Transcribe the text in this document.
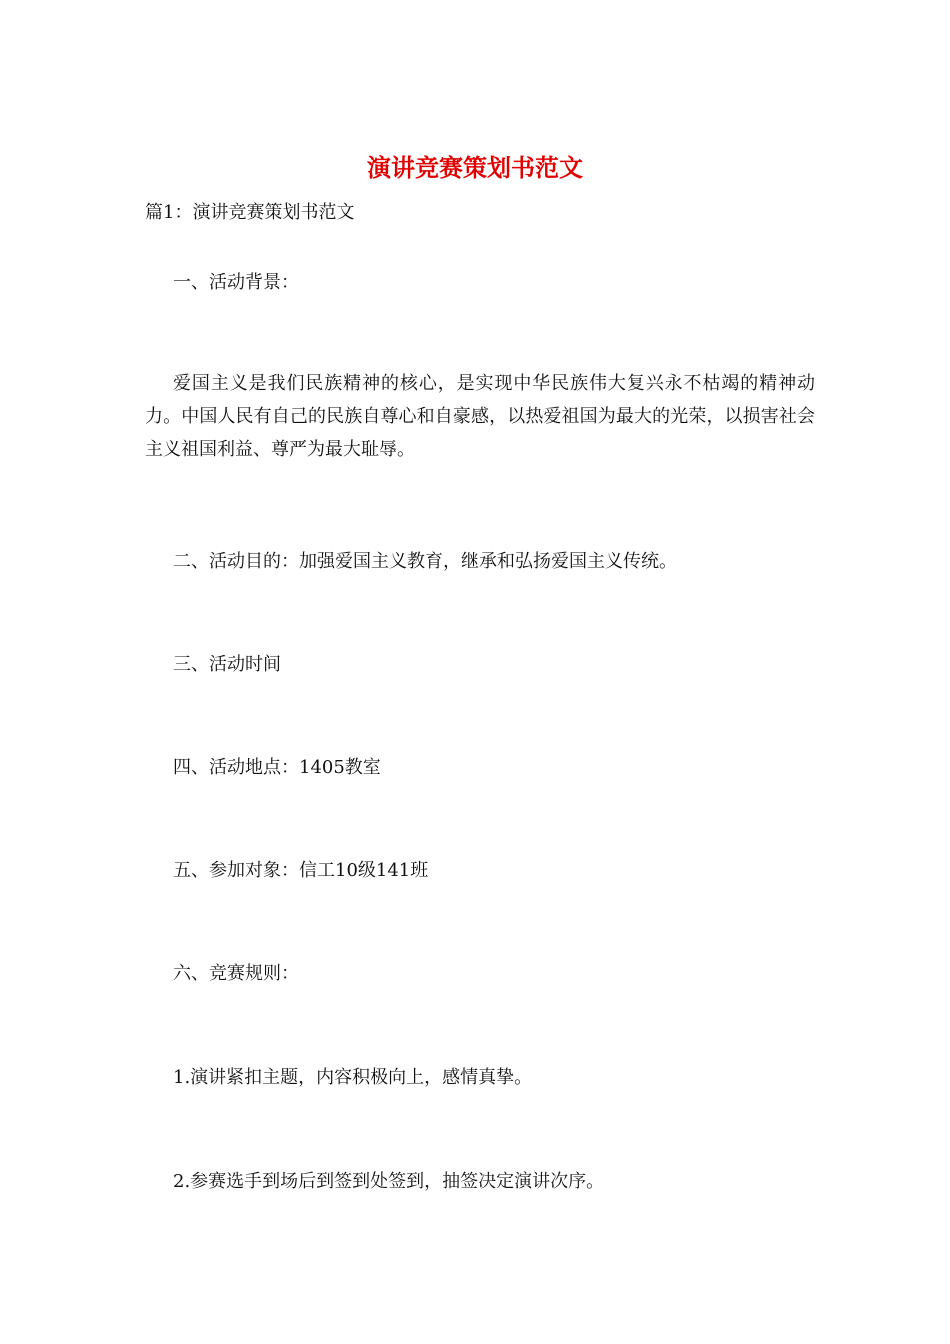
演讲竞赛策划书范文
篇1：演讲竞赛策划书范文
一、活动背景：
爱国主义是我们民族精神的核心，是实现中华民族伟大复兴永不枯竭的精神动力。中国人民有自己的民族自尊心和自豪感，以热爱祖国为最大的光荣，以损害社会主义祖国利益、尊严为最大耻辱。
二、活动目的：加强爱国主义教育，继承和弘扬爱国主义传统。
三、活动时间
四、活动地点：1405教室
五、参加对象：信工10级141班
六、竞赛规则：
1.演讲紧扣主题，内容积极向上，感情真挚。
2.参赛选手到场后到签到处签到，抽签决定演讲次序。
